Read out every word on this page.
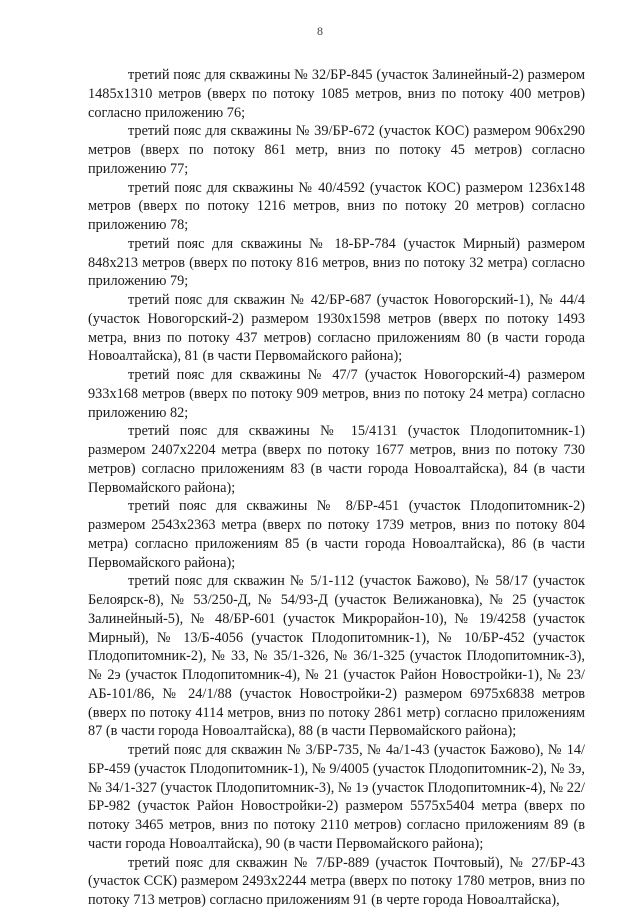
8

третий пояс для скважины № 32/БР-845 (участок Залинейный-2) размером 1485x1310 метров (вверх по потоку 1085 метров, вниз по потоку 400 метров) согласно приложению 76;

третий пояс для скважины № 39/БР-672 (участок КОС) размером 906x290 метров (вверх по потоку 861 метр, вниз по потоку 45 метров) согласно приложению 77;

третий пояс для скважины № 40/4592 (участок КОС) размером 1236x148 метров (вверх по потоку 1216 метров, вниз по потоку 20 метров) согласно приложению 78;

третий пояс для скважины № 18-БР-784 (участок Мирный) размером 848x213 метров (вверх по потоку 816 метров, вниз по потоку 32 метра) согласно приложению 79;

третий пояс для скважин № 42/БР-687 (участок Новогорский-1), № 44/4 (участок Новогорский-2) размером 1930x1598 метров (вверх по потоку 1493 метра, вниз по потоку 437 метров) согласно приложениям 80 (в части города Новоалтайска), 81 (в части Первомайского района);

третий пояс для скважины № 47/7 (участок Новогорский-4) размером 933x168 метров (вверх по потоку 909 метров, вниз по потоку 24 метра) согласно приложению 82;

третий пояс для скважины № 15/4131 (участок Плодопитомник-1) размером 2407x2204 метра (вверх по потоку 1677 метров, вниз по потоку 730 метров) согласно приложениям 83 (в части города Новоалтайска), 84 (в части Первомайского района);

третий пояс для скважины № 8/БР-451 (участок Плодопитомник-2) размером 2543x2363 метра (вверх по потоку 1739 метров, вниз по потоку 804 метра) согласно приложениям 85 (в части города Новоалтайска), 86 (в части Первомайского района);

третий пояс для скважин № 5/1-112 (участок Бажово), № 58/17 (участок Белоярск-8), № 53/250-Д, № 54/93-Д (участок Велижановка), № 25 (участок Залинейный-5), № 48/БР-601 (участок Микрорайон-10), № 19/4258 (участок Мирный), № 13/Б-4056 (участок Плодопитомник-1), № 10/БР-452 (участок Плодопитомник-2), № 33, № 35/1-326, № 36/1-325 (участок Плодопитомник-3), № 2э (участок Плодопитомник-4), № 21 (участок Район Новостройки-1), № 23/АБ-101/86, № 24/1/88 (участок Новостройки-2) размером 6975x6838 метров (вверх по потоку 4114 метров, вниз по потоку 2861 метр) согласно приложениям 87 (в части города Новоалтайска), 88 (в части Первомайского района);

третий пояс для скважин № 3/БР-735, № 4а/1-43 (участок Бажово), № 14/БР-459 (участок Плодопитомник-1), № 9/4005 (участок Плодопитомник-2), № 3э, № 34/1-327 (участок Плодопитомник-3), № 1э (участок Плодопитомник-4), № 22/БР-982 (участок Район Новостройки-2) размером 5575x5404 метра (вверх по потоку 3465 метров, вниз по потоку 2110 метров) согласно приложениям 89 (в части города Новоалтайска), 90 (в части Первомайского района);

третий пояс для скважин № 7/БР-889 (участок Почтовый), № 27/БР-43 (участок ССК) размером 2493x2244 метра (вверх по потоку 1780 метров, вниз по потоку 713 метров) согласно приложениям 91 (в черте города Новоалтайска),
